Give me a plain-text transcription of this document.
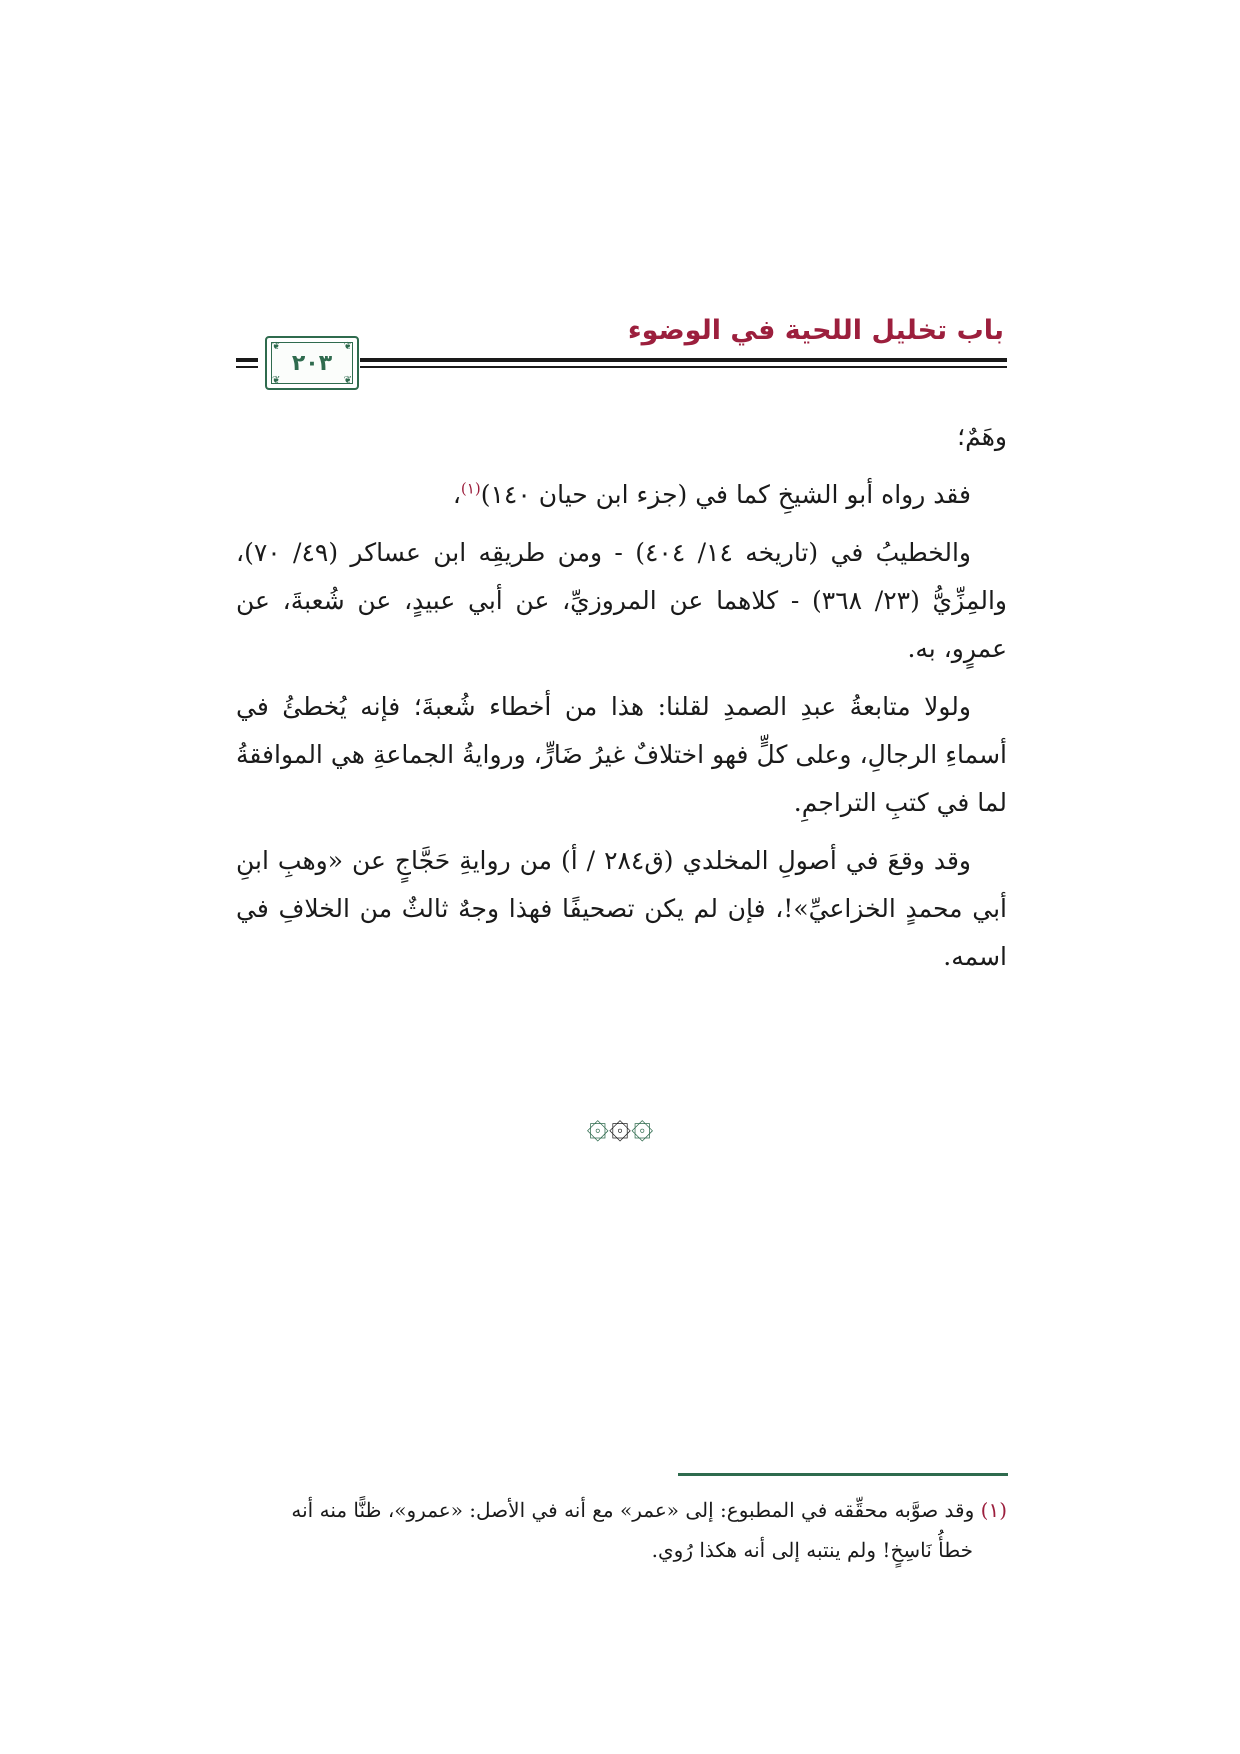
باب تخليل اللحية في الوضوء
❦	❦
❦	❦
٢٠٣

وهَمٌ؛

فقد رواه أبو الشيخِ كما في (جزء ابن حيان ١٤٠)$^{(١)}$،

والخطيبُ في (تاريخه ١٤/ ٤٠٤) - ومن طريقِه ابن عساكر (٤٩/ ٧٠)، والمِزِّيُّ (٢٣/ ٣٦٨) - كلاهما عن المروزيِّ، عن أبي عبيدٍ، عن شُعبةَ، عن عمرٍو، به.

ولولا متابعةُ عبدِ الصمدِ لقلنا: هذا من أخطاء شُعبةَ؛ فإنه يُخطئُ في أسماءِ الرجالِ، وعلى كلٍّ فهو اختلافٌ غيرُ ضَارٍّ، وروايةُ الجماعةِ هي الموافقةُ لما في كتبِ التراجمِ.

وقد وقعَ في أصولِ المخلدي (ق٢٨٤ / أ) من روايةِ حَجَّاجٍ عن «وهبِ ابنِ أبي محمدٍ الخزاعيِّ»!، فإن لم يكن تصحيفًا فهذا وجهٌ ثالثٌ من الخلافِ في اسمه.

۞۞۞
(١) وقد صوَّبه محقِّقه في المطبوع: إلى «عمر» مع أنه في الأصل: «عمرو»، ظنًّا منه أنه
خطأُ نَاسِخٍ! ولم ينتبه إلى أنه هكذا رُوي.
